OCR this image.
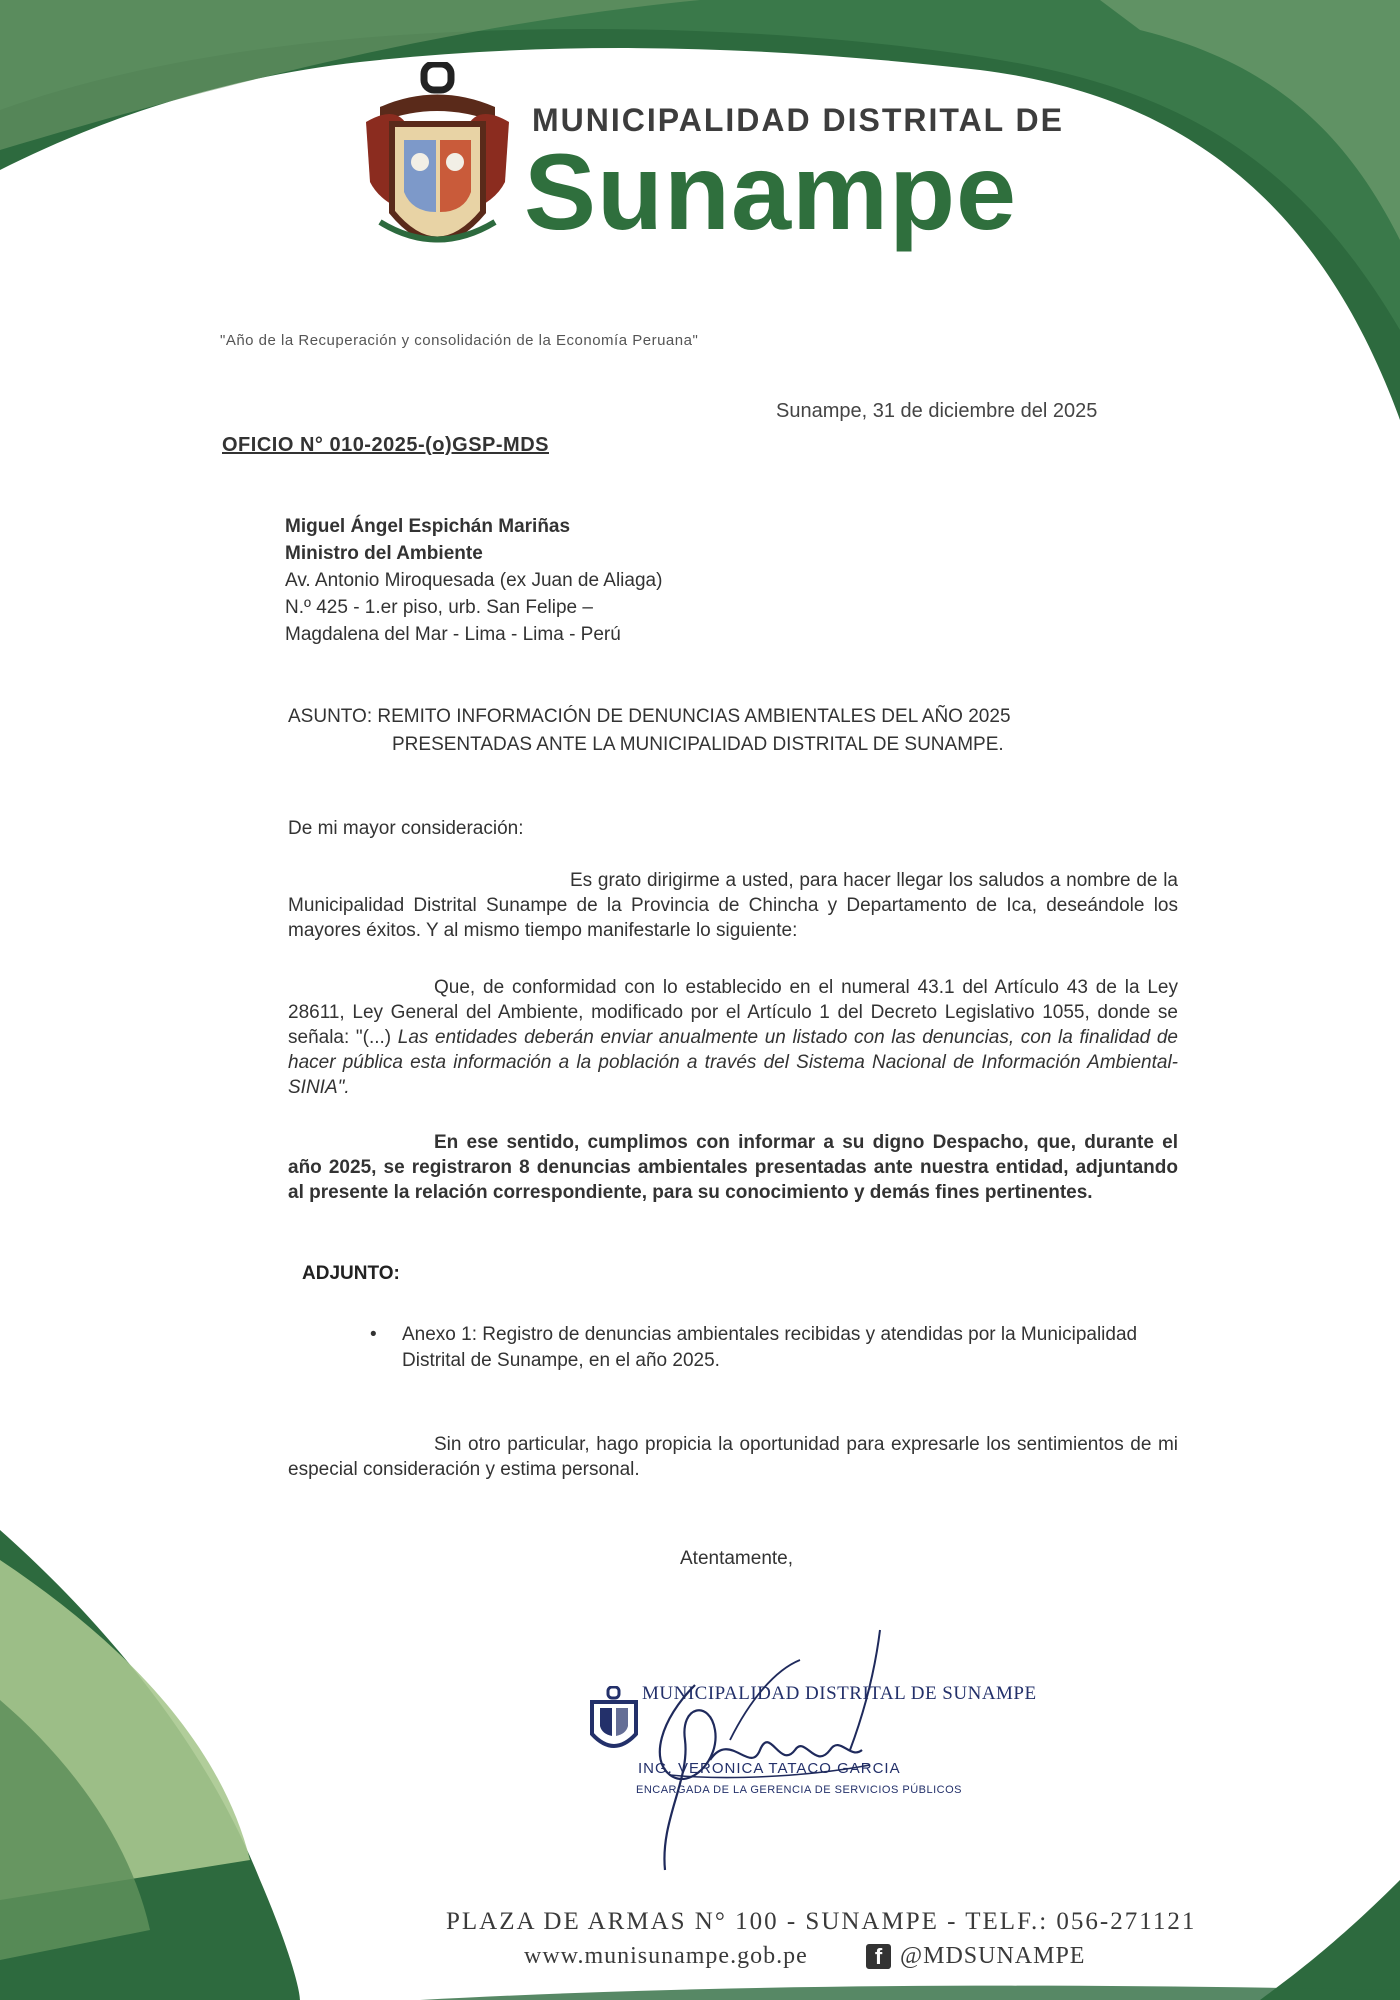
MUNICIPALIDAD DISTRITAL DE
Sunampe
"Año de la Recuperación y consolidación de la Economía Peruana"
Sunampe, 31 de diciembre del 2025
OFICIO N° 010-2025-(o)GSP-MDS
Miguel Ángel Espichán Mariñas
Ministro del Ambiente
Av. Antonio Miroquesada (ex Juan de Aliaga)
N.º 425 - 1.er piso, urb. San Felipe –
Magdalena del Mar - Lima - Lima - Perú
ASUNTO: REMITO INFORMACIÓN DE DENUNCIAS AMBIENTALES DEL AÑO 2025
PRESENTADAS ANTE LA MUNICIPALIDAD DISTRITAL DE SUNAMPE.
De mi mayor consideración:
Es grato dirigirme a usted, para hacer llegar los saludos a nombre de la Municipalidad Distrital Sunampe de la Provincia de Chincha y Departamento de Ica, deseándole los mayores éxitos. Y al mismo tiempo manifestarle lo siguiente:
Que, de conformidad con lo establecido en el numeral 43.1 del Artículo 43 de la Ley 28611, Ley General del Ambiente, modificado por el Artículo 1 del Decreto Legislativo 1055, donde se señala: "(...) Las entidades deberán enviar anualmente un listado con las denuncias, con la finalidad de hacer pública esta información a la población a través del Sistema Nacional de Información Ambiental-SINIA".
En ese sentido, cumplimos con informar a su digno Despacho, que, durante el año 2025, se registraron 8 denuncias ambientales presentadas ante nuestra entidad, adjuntando al presente la relación correspondiente, para su conocimiento y demás fines pertinentes.
ADJUNTO:
• Anexo 1: Registro de denuncias ambientales recibidas y atendidas por la Municipalidad Distrital de Sunampe, en el año 2025.
Sin otro particular, hago propicia la oportunidad para expresarle los sentimientos de mi especial consideración y estima personal.
Atentamente,
MUNICIPALIDAD DISTRITAL DE SUNAMPE
ING. VERONICA TATACO GARCIA
ENCARGADA DE LA GERENCIA DE SERVICIOS PÚBLICOS
PLAZA DE ARMAS N° 100 - SUNAMPE - TELF.: 056-271121
www.munisunampe.gob.pe	f @MDSUNAMPE
